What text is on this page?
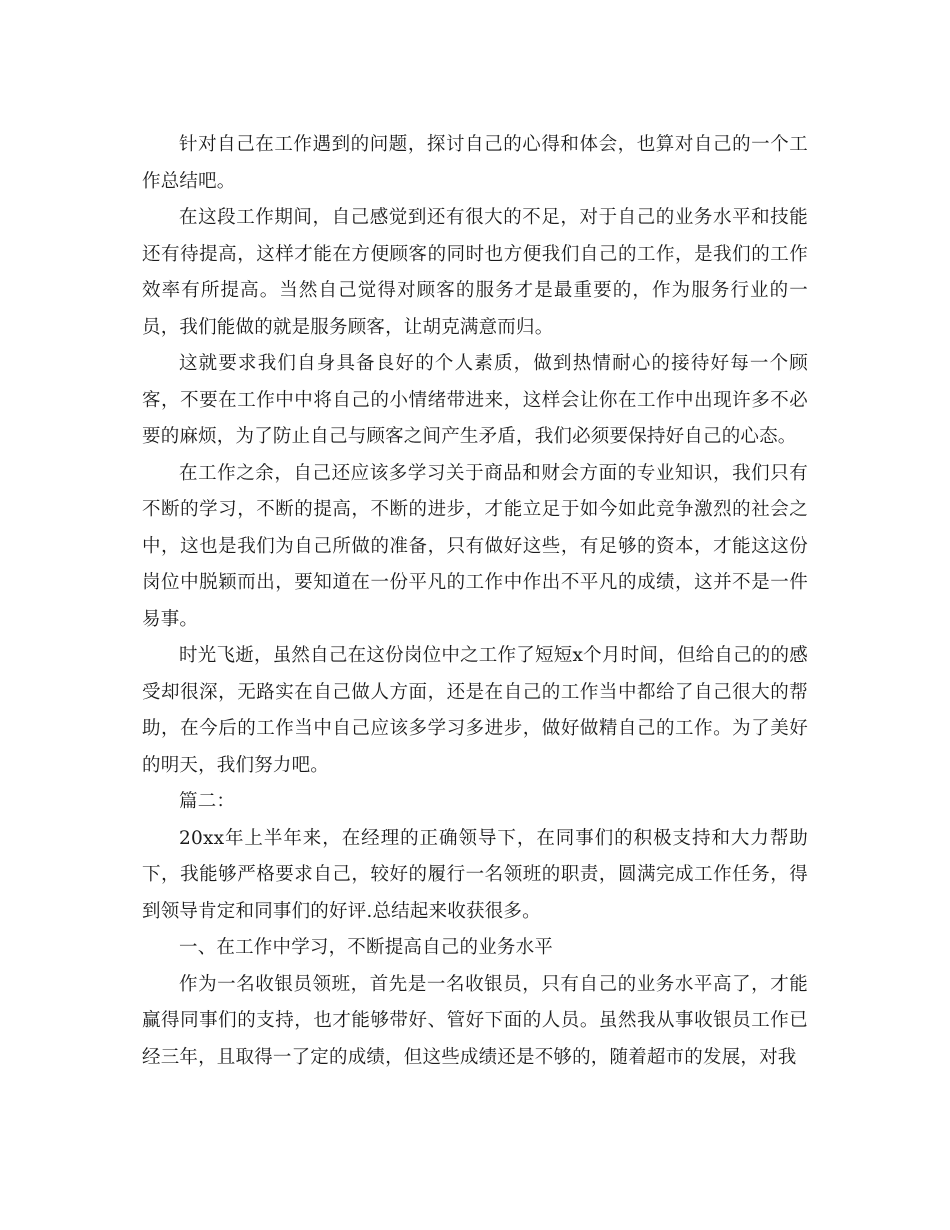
针对自己在工作遇到的问题，探讨自己的心得和体会，也算对自己的一个工作总结吧。

在这段工作期间，自己感觉到还有很大的不足，对于自己的业务水平和技能还有待提高，这样才能在方便顾客的同时也方便我们自己的工作，是我们的工作效率有所提高。当然自己觉得对顾客的服务才是最重要的，作为服务行业的一员，我们能做的就是服务顾客，让胡克满意而归。

这就要求我们自身具备良好的个人素质，做到热情耐心的接待好每一个顾客，不要在工作中中将自己的小情绪带进来，这样会让你在工作中出现许多不必要的麻烦，为了防止自己与顾客之间产生矛盾，我们必须要保持好自己的心态。

在工作之余，自己还应该多学习关于商品和财会方面的专业知识，我们只有不断的学习，不断的提高，不断的进步，才能立足于如今如此竞争激烈的社会之中，这也是我们为自己所做的准备，只有做好这些，有足够的资本，才能这这份岗位中脱颖而出，要知道在一份平凡的工作中作出不平凡的成绩，这并不是一件易事。

时光飞逝，虽然自己在这份岗位中之工作了短短x个月时间，但给自己的的感受却很深，无路实在自己做人方面，还是在自己的工作当中都给了自己很大的帮助，在今后的工作当中自己应该多学习多进步，做好做精自己的工作。为了美好的明天，我们努力吧。

篇二：

20xx年上半年来，在经理的正确领导下，在同事们的积极支持和大力帮助下，我能够严格要求自己，较好的履行一名领班的职责，圆满完成工作任务，得到领导肯定和同事们的好评.总结起来收获很多。

一、在工作中学习，不断提高自己的业务水平

作为一名收银员领班，首先是一名收银员，只有自己的业务水平高了，才能赢得同事们的支持，也才能够带好、管好下面的人员。虽然我从事收银员工作已经三年，且取得一了定的成绩，但这些成绩还是不够的，随着超市的发展，对我
